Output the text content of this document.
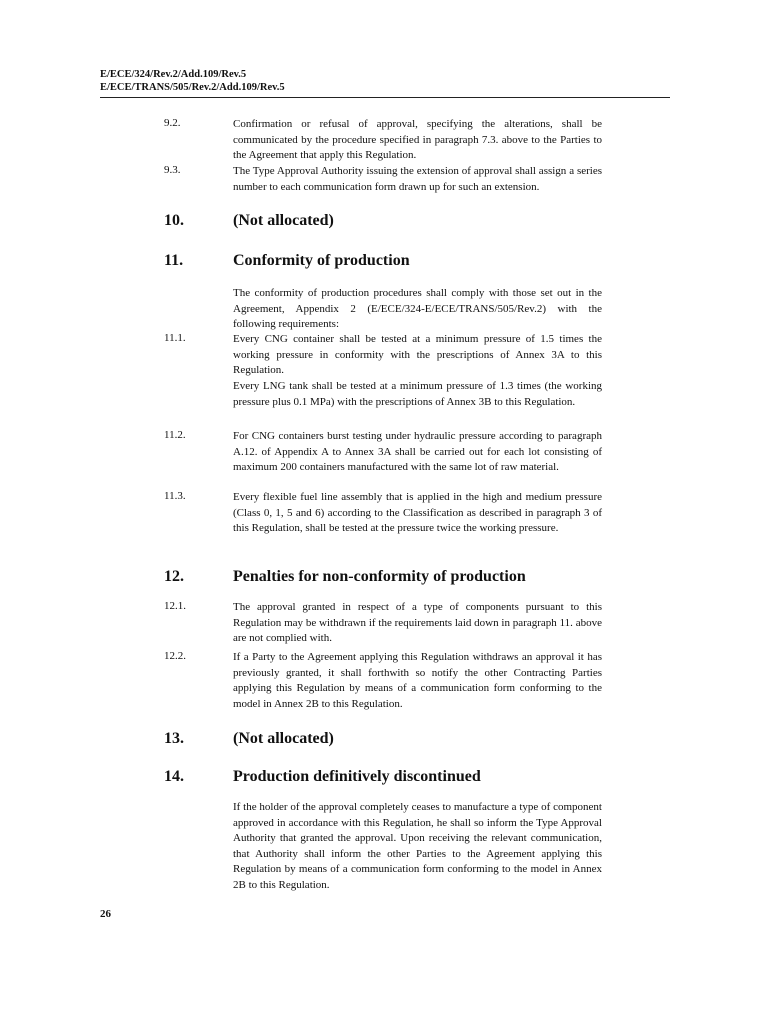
E/ECE/324/Rev.2/Add.109/Rev.5
E/ECE/TRANS/505/Rev.2/Add.109/Rev.5
9.2.	Confirmation or refusal of approval, specifying the alterations, shall be communicated by the procedure specified in paragraph 7.3. above to the Parties to the Agreement that apply this Regulation.
9.3.	The Type Approval Authority issuing the extension of approval shall assign a series number to each communication form drawn up for such an extension.
10.	(Not allocated)
11.	Conformity of production
The conformity of production procedures shall comply with those set out in the Agreement, Appendix 2 (E/ECE/324-E/ECE/TRANS/505/Rev.2) with the following requirements:
11.1.	Every CNG container shall be tested at a minimum pressure of 1.5 times the working pressure in conformity with the prescriptions of Annex 3A to this Regulation.
Every LNG tank shall be tested at a minimum pressure of 1.3 times (the working pressure plus 0.1 MPa) with the prescriptions of Annex 3B to this Regulation.
11.2.	For CNG containers burst testing under hydraulic pressure according to paragraph A.12. of Appendix A to Annex 3A shall be carried out for each lot consisting of maximum 200 containers manufactured with the same lot of raw material.
11.3.	Every flexible fuel line assembly that is applied in the high and medium pressure (Class 0, 1, 5 and 6) according to the Classification as described in paragraph 3 of this Regulation, shall be tested at the pressure twice the working pressure.
12.	Penalties for non-conformity of production
12.1.	The approval granted in respect of a type of components pursuant to this Regulation may be withdrawn if the requirements laid down in paragraph 11. above are not complied with.
12.2.	If a Party to the Agreement applying this Regulation withdraws an approval it has previously granted, it shall forthwith so notify the other Contracting Parties applying this Regulation by means of a communication form conforming to the model in Annex 2B to this Regulation.
13.	(Not allocated)
14.	Production definitively discontinued
If the holder of the approval completely ceases to manufacture a type of component approved in accordance with this Regulation, he shall so inform the Type Approval Authority that granted the approval. Upon receiving the relevant communication, that Authority shall inform the other Parties to the Agreement applying this Regulation by means of a communication form conforming to the model in Annex 2B to this Regulation.
26
